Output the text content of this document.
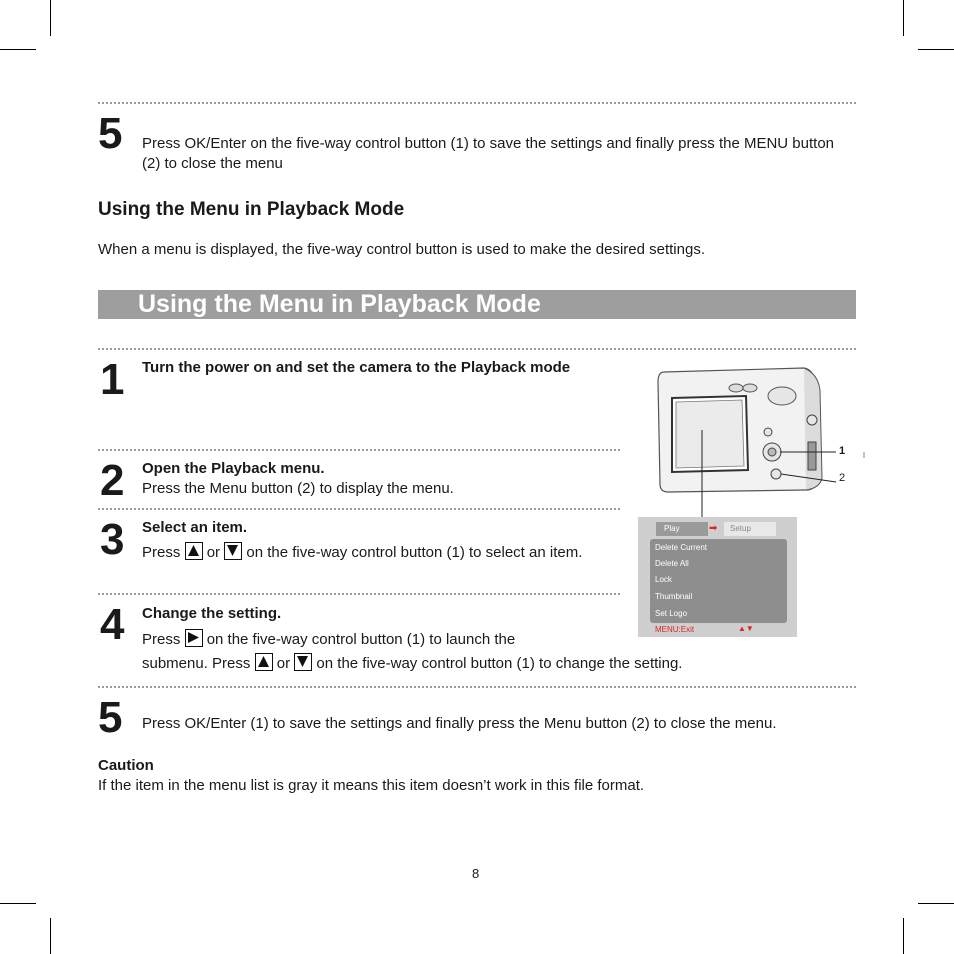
5 Press OK/Enter on the five-way control button (1) to save the settings and finally press the MENU button (2) to close the menu
Using the Menu in Playback Mode
When a menu is displayed, the five-way control button is used to make the desired settings.
Using the Menu in Playback Mode
1 Turn the power on and set the camera to the Playback mode
2 Open the Playback menu.
Press the Menu button (2) to display the menu.
3 Select an item.
Press or on the five-way control button (1) to select an item.
4 Change the setting.
Press on the five-way control button (1) to launch the
submenu. Press or on the five-way control button (1) to change the setting.
5 Press OK/Enter (1) to save the settings and finally press the Menu button (2) to close the menu.
Caution
If the item in the menu list is gray it means this item doesn’t work in this file format.
1
2
Play	➡	Setup
Delete Current
Delete All
Lock
Thumbnail
Set Logo
MENU:Exit	▲▼
8
